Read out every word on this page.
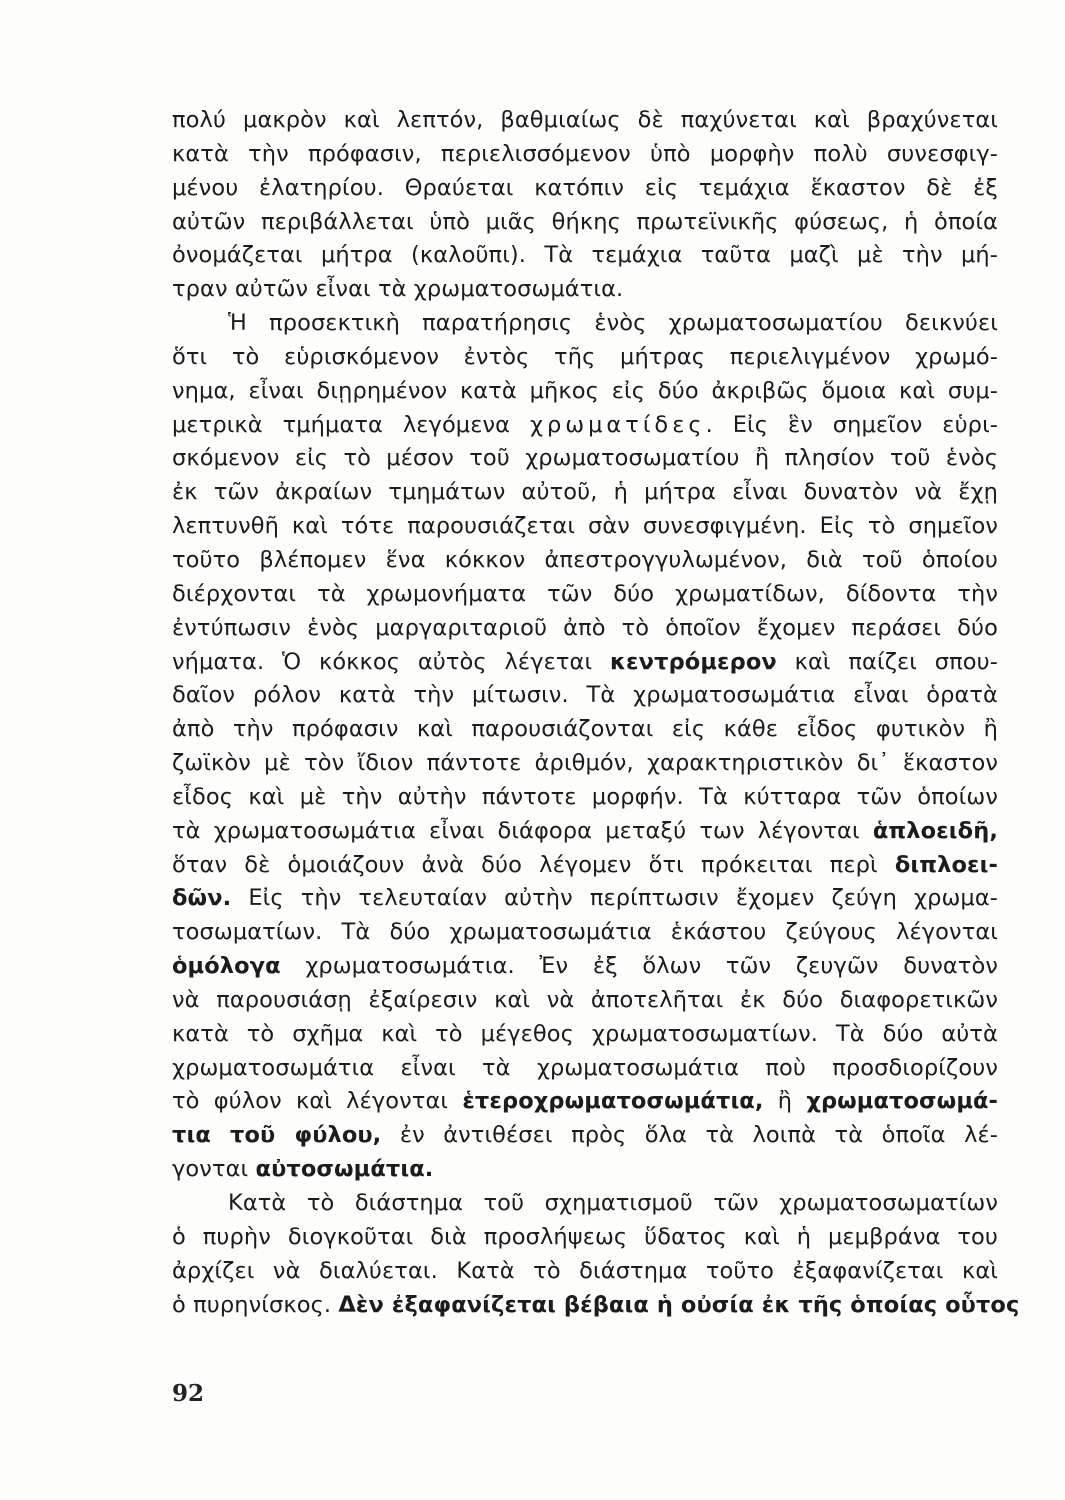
πολύ μακρὸν καὶ λεπτόν, βαθμιαίως δὲ παχύνεται καὶ βραχύνεται
κατὰ τὴν πρόφασιν, περιελισσόμενον ὑπὸ μορφὴν πολὺ συνεσφιγ-
μένου ἐλατηρίου. Θραύεται κατόπιν εἰς τεμάχια ἕκαστον δὲ ἐξ
αὐτῶν περιβάλλεται ὑπὸ μιᾶς θήκης πρωτεϊνικῆς φύσεως, ἡ ὁποία
ὀνομάζεται μήτρα (καλοῦπι). Τὰ τεμάχια ταῦτα μαζὶ μὲ τὴν μή-
τραν αὐτῶν εἶναι τὰ χρωματοσωμάτια.
Ἡ προσεκτικὴ παρατήρησις ἑνὸς χρωματοσωματίου δεικνύει
ὅτι τὸ εὑρισκόμενον ἐντὸς τῆς μήτρας περιελιγμένον χρωμό-
νημα, εἶναι διῃρημένον κατὰ μῆκος εἰς δύο ἀκριβῶς ὅμοια καὶ συμ-
μετρικὰ τμήματα λεγόμενα χρωματίδες. Εἰς ἓν σημεῖον εὑρι-
σκόμενον εἰς τὸ μέσον τοῦ χρωματοσωματίου ἢ πλησίον τοῦ ἑνὸς
ἐκ τῶν ἀκραίων τμημάτων αὐτοῦ, ἡ μήτρα εἶναι δυνατὸν νὰ ἔχῃ
λεπτυνθῆ καὶ τότε παρουσιάζεται σὰν συνεσφιγμένη. Εἰς τὸ σημεῖον
τοῦτο βλέπομεν ἕνα κόκκον ἀπεστρογγυλωμένον, διὰ τοῦ ὁποίου
διέρχονται τὰ χρωμονήματα τῶν δύο χρωματίδων, δίδοντα τὴν
ἐντύπωσιν ἑνὸς μαργαριταριοῦ ἀπὸ τὸ ὁποῖον ἔχομεν περάσει δύο
νήματα. Ὁ κόκκος αὐτὸς λέγεται κεντρόμερον καὶ παίζει σπου-
δαῖον ρόλον κατὰ τὴν μίτωσιν. Τὰ χρωματοσωμάτια εἶναι ὁρατὰ
ἀπὸ τὴν πρόφασιν καὶ παρουσιάζονται εἰς κάθε εἶδος φυτικὸν ἢ
ζωϊκὸν μὲ τὸν ἴδιον πάντοτε ἀριθμόν, χαρακτηριστικὸν δι᾽ ἕκαστον
εἶδος καὶ μὲ τὴν αὐτὴν πάντοτε μορφήν. Τὰ κύτταρα τῶν ὁποίων
τὰ χρωματοσωμάτια εἶναι διάφορα μεταξύ των λέγονται ἁπλοειδῆ,
ὅταν δὲ ὁμοιάζουν ἀνὰ δύο λέγομεν ὅτι πρόκειται περὶ διπλοει-
δῶν. Εἰς τὴν τελευταίαν αὐτὴν περίπτωσιν ἔχομεν ζεύγη χρωμα-
τοσωματίων. Τὰ δύο χρωματοσωμάτια ἑκάστου ζεύγους λέγονται
ὁμόλογα χρωματοσωμάτια. Ἐν ἐξ ὅλων τῶν ζευγῶν δυνατὸν
νὰ παρουσιάσῃ ἐξαίρεσιν καὶ νὰ ἀποτελῆται ἐκ δύο διαφορετικῶν
κατὰ τὸ σχῆμα καὶ τὸ μέγεθος χρωματοσωματίων. Τὰ δύο αὐτὰ
χρωματοσωμάτια εἶναι τὰ χρωματοσωμάτια ποὺ προσδιορίζουν
τὸ φύλον καὶ λέγονται ἑτεροχρωματοσωμάτια, ἢ χρωματοσωμά-
τια τοῦ φύλου, ἐν ἀντιθέσει πρὸς ὅλα τὰ λοιπὰ τὰ ὁποῖα λέ-
γονται αὐτοσωμάτια.
Κατὰ τὸ διάστημα τοῦ σχηματισμοῦ τῶν χρωματοσωματίων
ὁ πυρὴν διογκοῦται διὰ προσλήψεως ὕδατος καὶ ἡ μεμβράνα του
ἀρχίζει νὰ διαλύεται. Κατὰ τὸ διάστημα τοῦτο ἐξαφανίζεται καὶ
ὁ πυρηνίσκος. Δὲν ἐξαφανίζεται βέβαια ἡ οὐσία ἐκ τῆς ὁποίας οὗτος
92
